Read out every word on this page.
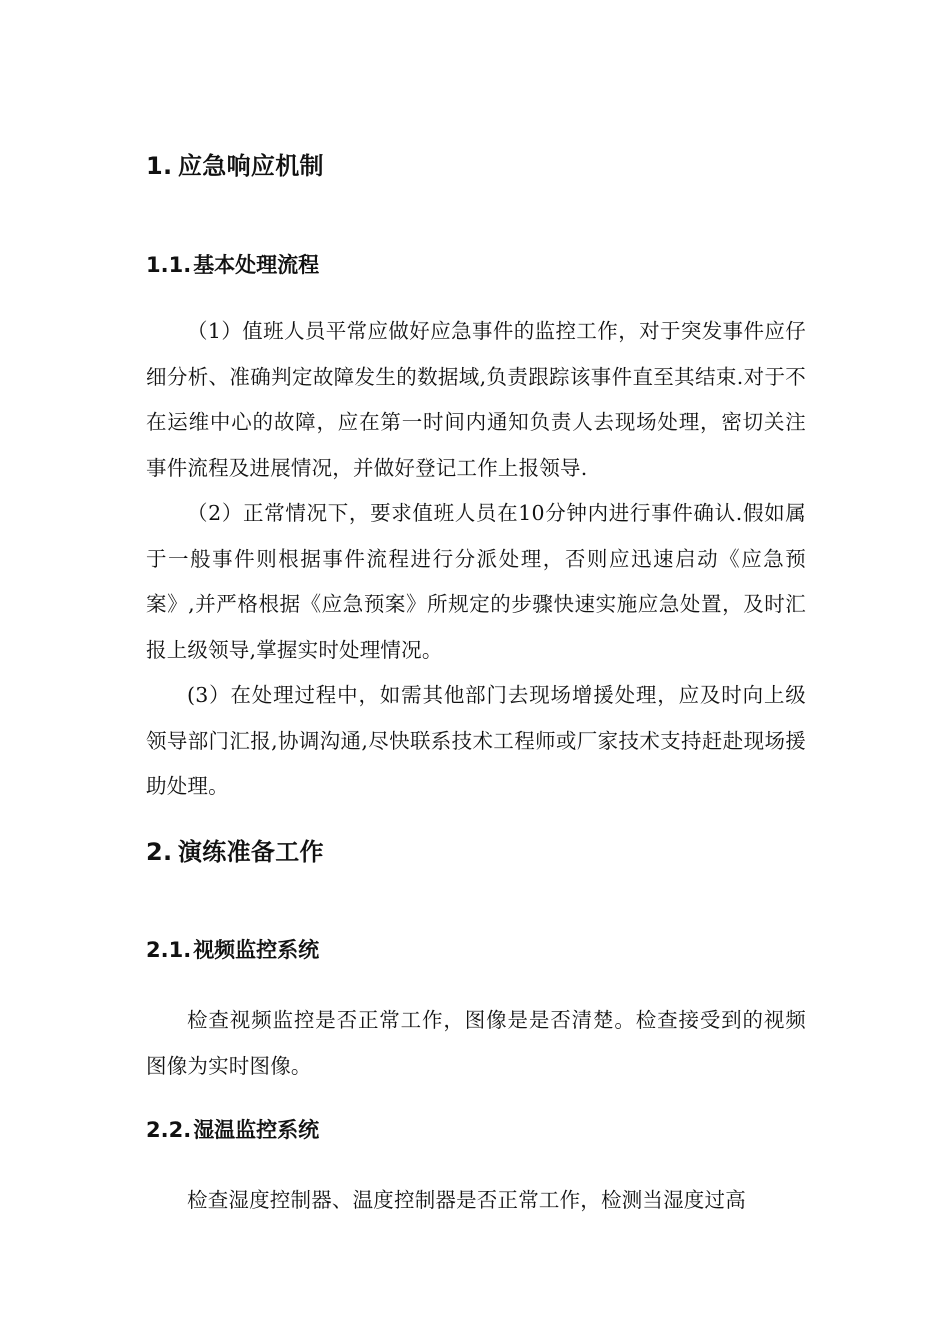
1. 应急响应机制
1.1.基本处理流程

（1）值班人员平常应做好应急事件的监控工作，对于突发事件应仔细分析、准确判定故障发生的数据域,负责跟踪该事件直至其结束.对于不在运维中心的故障，应在第一时间内通知负责人去现场处理，密切关注事件流程及进展情况，并做好登记工作上报领导.

（2）正常情况下，要求值班人员在10分钟内进行事件确认.假如属于一般事件则根据事件流程进行分派处理，否则应迅速启动《应急预案》,并严格根据《应急预案》所规定的步骤快速实施应急处置，及时汇报上级领导,掌握实时处理情况。

(3）在处理过程中，如需其他部门去现场增援处理，应及时向上级领导部门汇报,协调沟通,尽快联系技术工程师或厂家技术支持赶赴现场援助处理。

2. 演练准备工作
2.1.视频监控系统

检查视频监控是否正常工作，图像是是否清楚。检查接受到的视频图像为实时图像。

2.2.湿温监控系统

检查湿度控制器、温度控制器是否正常工作，检测当湿度过高
